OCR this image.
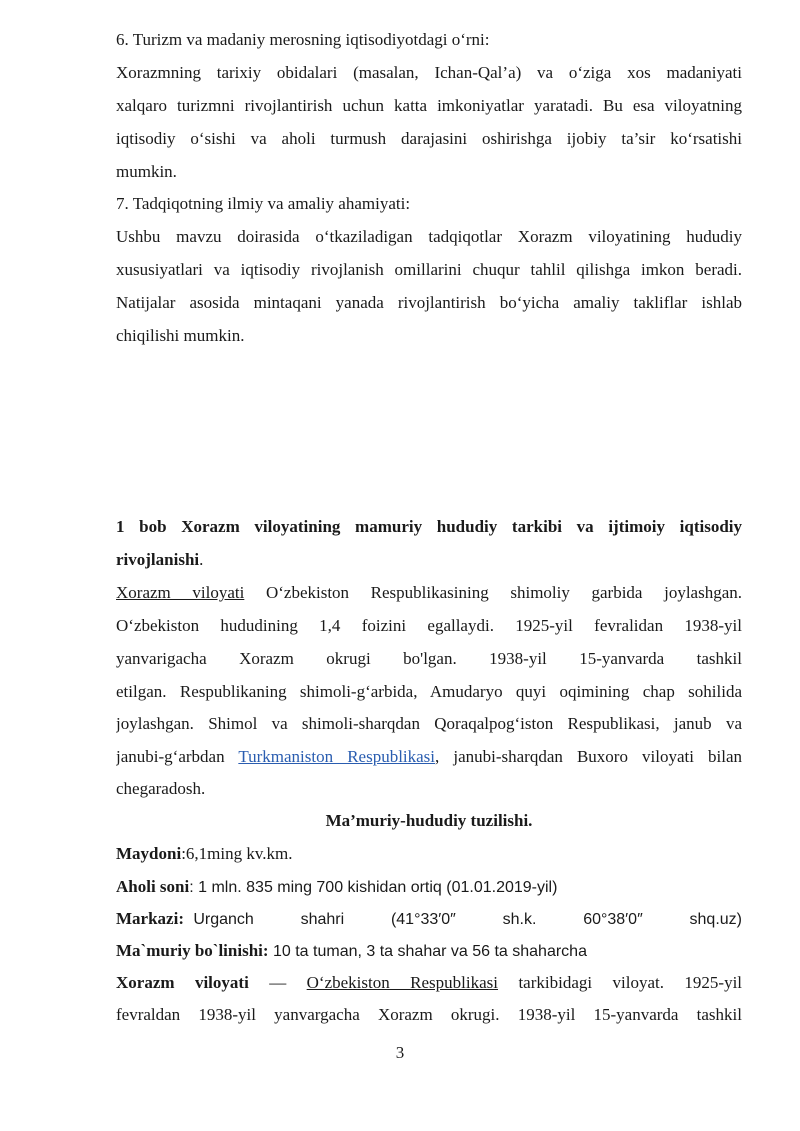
6. Turizm va madaniy merosning iqtisodiyotdagi o‘rni:
Xorazmning tarixiy obidalari (masalan, Ichan-Qal’a) va o‘ziga xos madaniyati
xalqaro turizmni rivojlantirish uchun katta imkoniyatlar yaratadi. Bu esa viloyatning
iqtisodiy o‘sishi va aholi turmush darajasini oshirishga ijobiy ta’sir ko‘rsatishi
mumkin.
7. Tadqiqotning ilmiy va amaliy ahamiyati:
Ushbu mavzu doirasida o‘tkaziladigan tadqiqotlar Xorazm viloyatining hududiy
xususiyatlari va iqtisodiy rivojlanish omillarini chuqur tahlil qilishga imkon beradi.
Natijalar asosida mintaqani yanada rivojlantirish bo‘yicha amaliy takliflar ishlab
chiqilishi mumkin.
1 bob Xorazm viloyatining mamuriy hududiy tarkibi va ijtimoiy iqtisodiy
rivojlanishi.
Xorazm viloyati O‘zbekiston Respublikasining shimoliy garbida joylashgan.
O‘zbekiston hududining 1,4 foizini egallaydi. 1925-yil fevralidan 1938-yil
yanvarigacha Xorazm okrugi bo'lgan. 1938-yil 15-yanvarda tashkil
etilgan. Respublikaning shimoli-g‘arbida, Amudaryo quyi oqimining chap sohilida
joylashgan. Shimol va shimoli-sharqdan Qoraqalpog‘iston Respublikasi, janub va
janubi-g‘arbdan Turkmaniston Respublikasi, janubi-sharqdan Buxoro viloyati bilan
chegaradosh.
Ma’muriy-hududiy tuzilishi.
Maydoni:6,1ming kv.km.
Aholi soni: 1 mln. 835 ming 700 kishidan ortiq (01.01.2019-yil)
Markazi: Urganch     shahri     (41°33′0″     sh.k.     60°38′0″     shq.uz)
Ma`muriy bo`linishi: 10 ta tuman, 3 ta shahar va 56 ta shaharcha
Xorazm viloyati — O‘zbekiston Respublikasi tarkibidagi viloyat. 1925-yil
fevraldan 1938-yil yanvargacha Xorazm okrugi. 1938-yil 15-yanvarda tashkil
3
